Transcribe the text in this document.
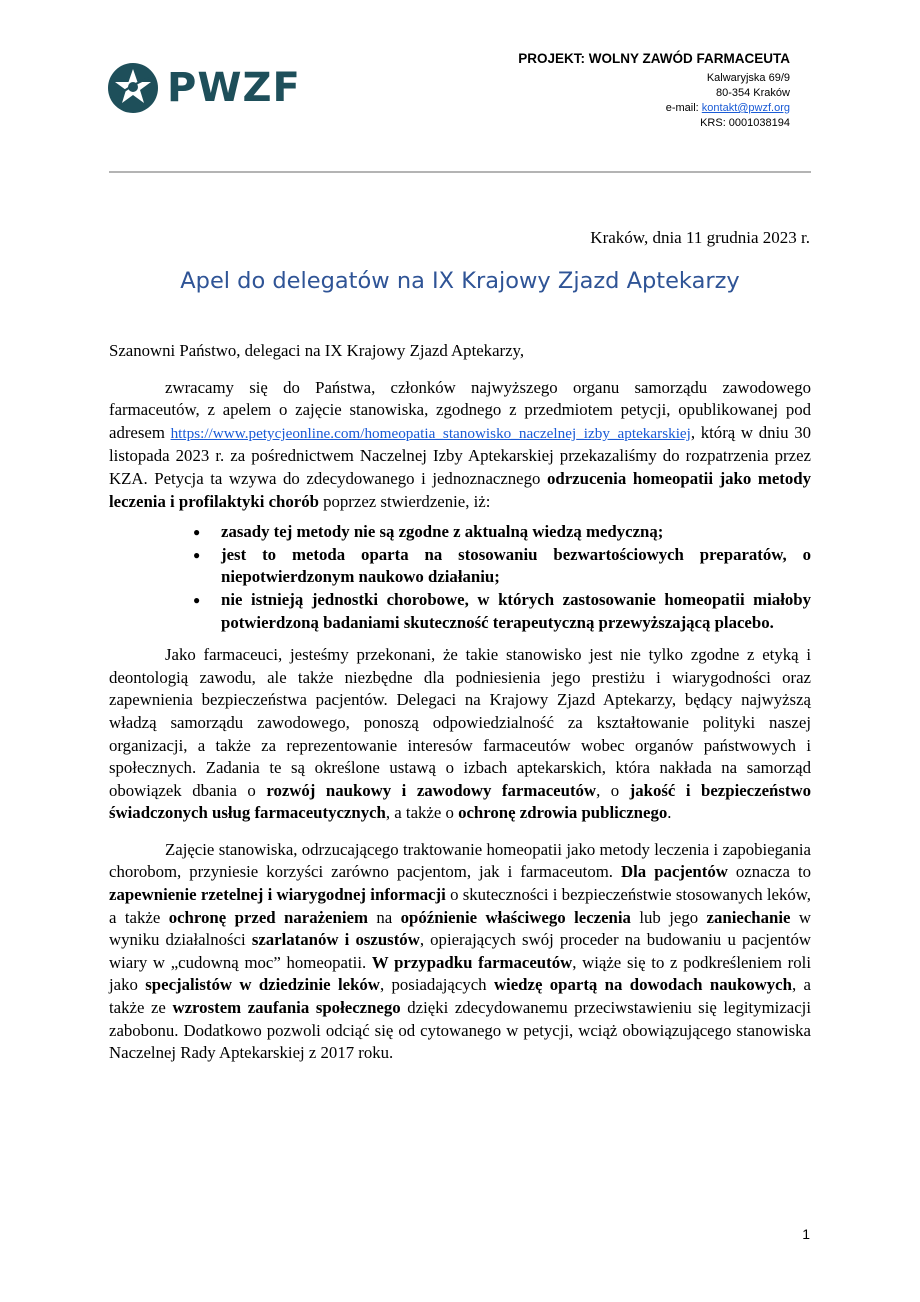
PWZF
PROJEKT: WOLNY ZAWÓD FARMACEUTA
Kalwaryjska 69/9
80-354 Kraków
e-mail: kontakt@pwzf.org
KRS: 0001038194
Kraków, dnia 11 grudnia 2023 r.
Apel do delegatów na IX Krajowy Zjazd Aptekarzy

Szanowni Państwo, delegaci na IX Krajowy Zjazd Aptekarzy,

zwracamy się do Państwa, członków najwyższego organu samorządu zawodowego farmaceutów, z apelem o zajęcie stanowiska, zgodnego z przedmiotem petycji, opublikowanej pod adresem https://www.petycjeonline.com/homeopatia_stanowisko_naczelnej_izby_aptekarskiej, którą w dniu 30 listopada 2023 r. za pośrednictwem Naczelnej Izby Aptekarskiej przekazaliśmy do rozpatrzenia przez KZA. Petycja ta wzywa do zdecydowanego i jednoznacznego odrzucenia homeopatii jako metody leczenia i profilaktyki chorób poprzez stwierdzenie, iż:

● zasady tej metody nie są zgodne z aktualną wiedzą medyczną;
● jest to metoda oparta na stosowaniu bezwartościowych preparatów, o niepotwierdzonym naukowo działaniu;
● nie istnieją jednostki chorobowe, w których zastosowanie homeopatii miałoby potwierdzoną badaniami skuteczność terapeutyczną przewyższającą placebo.

Jako farmaceuci, jesteśmy przekonani, że takie stanowisko jest nie tylko zgodne z etyką i deontologią zawodu, ale także niezbędne dla podniesienia jego prestiżu i wiarygodności oraz zapewnienia bezpieczeństwa pacjentów. Delegaci na Krajowy Zjazd Aptekarzy, będący najwyższą władzą samorządu zawodowego, ponoszą odpowiedzialność za kształtowanie polityki naszej organizacji, a także za reprezentowanie interesów farmaceutów wobec organów państwowych i społecznych. Zadania te są określone ustawą o izbach aptekarskich, która nakłada na samorząd obowiązek dbania o rozwój naukowy i zawodowy farmaceutów, o jakość i bezpieczeństwo świadczonych usług farmaceutycznych, a także o ochronę zdrowia publicznego.

Zajęcie stanowiska, odrzucającego traktowanie homeopatii jako metody leczenia i zapobiegania chorobom, przyniesie korzyści zarówno pacjentom, jak i farmaceutom. Dla pacjentów oznacza to zapewnienie rzetelnej i wiarygodnej informacji o skuteczności i bezpieczeństwie stosowanych leków, a także ochronę przed narażeniem na opóźnienie właściwego leczenia lub jego zaniechanie w wyniku działalności szarlatanów i oszustów, opierających swój proceder na budowaniu u pacjentów wiary w „cudowną moc” homeopatii. W przypadku farmaceutów, wiąże się to z podkreśleniem roli jako specjalistów w dziedzinie leków, posiadających wiedzę opartą na dowodach naukowych, a także ze wzrostem zaufania społecznego dzięki zdecydowanemu przeciwstawieniu się legitymizacji zabobonu. Dodatkowo pozwoli odciąć się od cytowanego w petycji, wciąż obowiązującego stanowiska Naczelnej Rady Aptekarskiej z 2017 roku.

1
